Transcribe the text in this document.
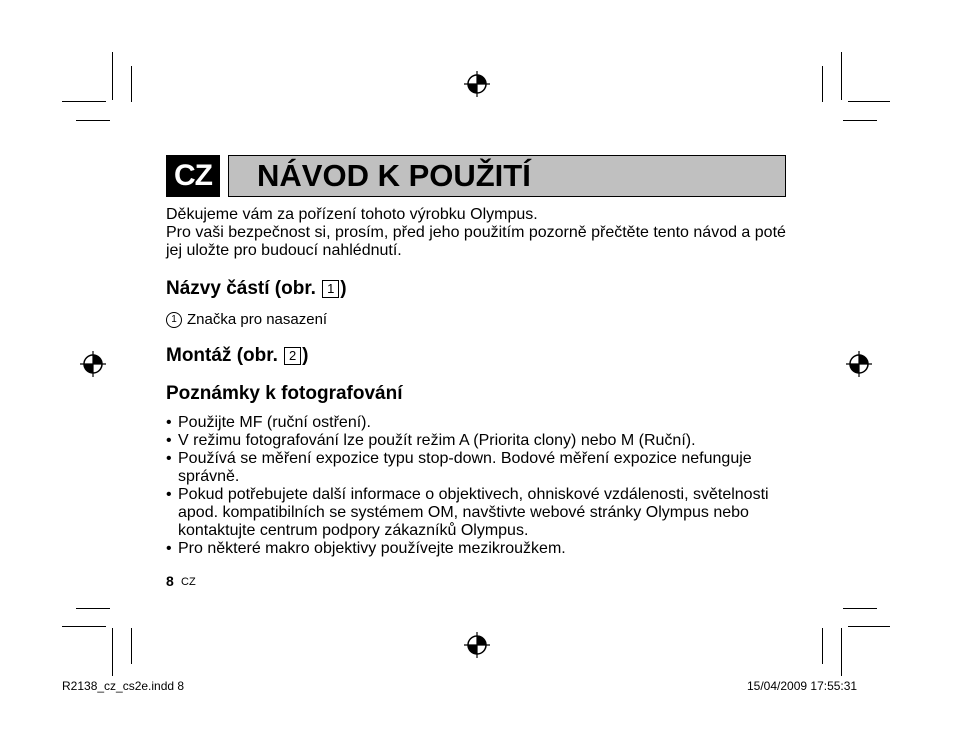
CZ NÁVOD K POUŽITÍ

Děkujeme vám za pořízení tohoto výrobku Olympus.

Pro vaši bezpečnost si, prosím, před jeho použitím pozorně přečtěte tento návod a poté jej uložte pro budoucí nahlédnutí.

Názvy částí (obr. 1 )
1 Značka pro nasazení
Montáž (obr. 2 )
Poznámky k fotografování
• Použijte MF (ruční ostření).
• V režimu fotografování lze použít režim A (Priorita clony) nebo M (Ruční).
• Používá se měření expozice typu stop-down. Bodové měření expozice nefunguje správně.
• Pokud potřebujete další informace o objektivech, ohniskové vzdálenosti, světelnosti apod. kompatibilních se systémem OM, navštivte webové stránky Olympus nebo kontaktujte centrum podpory zákazníků Olympus.
• Pro některé makro objektivy používejte mezikroužkem.
8 CZ
R2138_cz_cs2e.indd 8	15/04/2009 17:55:31
